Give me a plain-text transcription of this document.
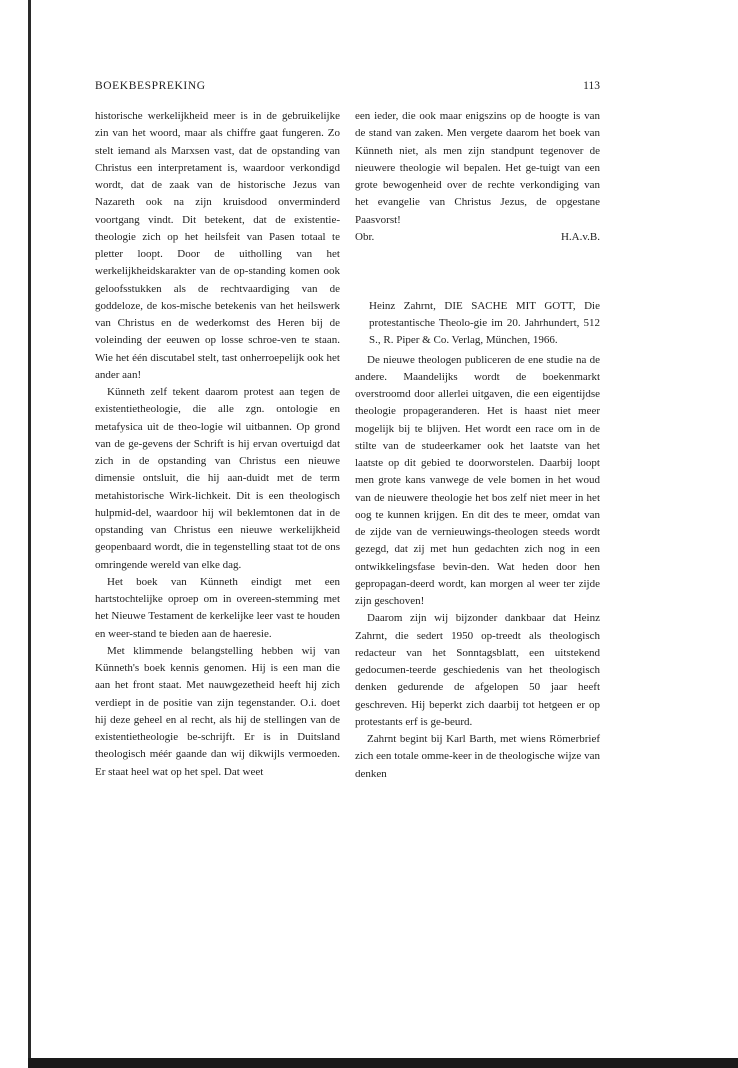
BOEKBESPREKING	113

historische werkelijkheid meer is in de gebruikelijke zin van het woord, maar als chiffre gaat fungeren. Zo stelt iemand als Marxsen vast, dat de opstanding van Christus een interpretament is, waardoor verkondigd wordt, dat de zaak van de historische Jezus van Nazareth ook na zijn kruisdood onverminderd voortgang vindt. Dit betekent, dat de existentie-theologie zich op het heilsfeit van Pasen totaal te pletter loopt. Door de uitholling van het werkelijkheidskarakter van de op-standing komen ook geloofsstukken als de rechtvaardiging van de goddeloze, de kos-mische betekenis van het heilswerk van Christus en de wederkomst des Heren bij de voleinding der eeuwen op losse schroe-ven te staan. Wie het één discutabel stelt, tast onherroepelijk ook het ander aan!

Künneth zelf tekent daarom protest aan tegen de existentietheologie, die alle zgn. ontologie en metafysica uit de theo-logie wil uitbannen. Op grond van de ge-gevens der Schrift is hij ervan overtuigd dat zich in de opstanding van Christus een nieuwe dimensie ontsluit, die hij aan-duidt met de term metahistorische Wirk-lichkeit. Dit is een theologisch hulpmid-del, waardoor hij wil beklemtonen dat in de opstanding van Christus een nieuwe werkelijkheid geopenbaard wordt, die in tegenstelling staat tot de ons omringende wereld van elke dag.

Het boek van Künneth eindigt met een hartstochtelijke oproep om in overeen-stemming met het Nieuwe Testament de kerkelijke leer vast te houden en weer-stand te bieden aan de haeresie.

Met klimmende belangstelling hebben wij van Künneth's boek kennis genomen. Hij is een man die aan het front staat. Met nauwgezetheid heeft hij zich verdiept in de positie van zijn tegenstander. O.i. doet hij deze geheel en al recht, als hij de stellingen van de existentietheologie be-schrijft. Er is in Duitsland theologisch méér gaande dan wij dikwijls vermoeden. Er staat heel wat op het spel. Dat weet

een ieder, die ook maar enigszins op de hoogte is van de stand van zaken. Men vergete daarom het boek van Künneth niet, als men zijn standpunt tegenover de nieuwere theologie wil bepalen. Het ge-tuigt van een grote bewogenheid over de rechte verkondiging van het evangelie van Christus Jezus, de opgestane Paasvorst!

Obr.	H.A.v.B.

Heinz Zahrnt, DIE SACHE MIT GOTT, Die protestantische Theolo-gie im 20. Jahrhundert, 512 S., R. Piper & Co. Verlag, München, 1966.

De nieuwe theologen publiceren de ene studie na de andere. Maandelijks wordt de boekenmarkt overstroomd door allerlei uitgaven, die een eigentijdse theologie propageranderen. Het is haast niet meer mogelijk bij te blijven. Het wordt een race om in de stilte van de studeerkamer ook het laatste van het laatste op dit gebied te doorworstelen. Daarbij loopt men grote kans vanwege de vele bomen in het woud van de nieuwere theologie het bos zelf niet meer in het oog te kunnen krijgen. En dit des te meer, omdat van de zijde van de vernieuwings-theologen steeds wordt gezegd, dat zij met hun gedachten zich nog in een ontwikkelingsfase bevin-den. Wat heden door hen gepropagan-deerd wordt, kan morgen al weer ter zijde zijn geschoven!

Daarom zijn wij bijzonder dankbaar dat Heinz Zahrnt, die sedert 1950 op-treedt als theologisch redacteur van het Sonntagsblatt, een uitstekend gedocumen-teerde geschiedenis van het theologisch denken gedurende de afgelopen 50 jaar heeft geschreven. Hij beperkt zich daarbij tot hetgeen er op protestants erf is ge-beurd.

Zahrnt begint bij Karl Barth, met wiens Römerbrief zich een totale omme-keer in de theologische wijze van denken
